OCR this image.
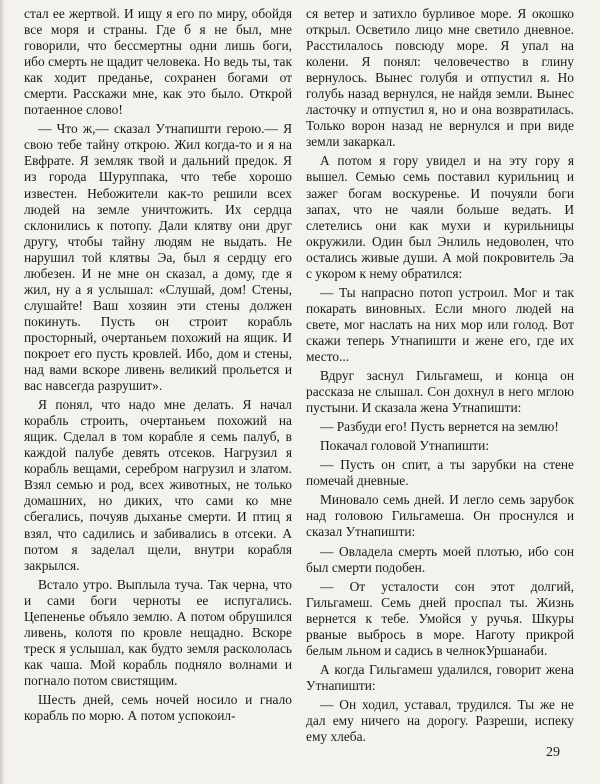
стал ее жертвой. И ищу я его по миру, обойдя все моря и страны. Где б я не был, мне говорили, что бессмертны одни лишь боги, ибо смерть не щадит человека. Но ведь ты, так как ходит преданье, сохранен богами от смерти. Расскажи мне, как это было. Открой потаенное слово!

— Что ж,— сказал Утнапишти герою.— Я свою тебе тайну открою. Жил когда-то и я на Евфрате. Я земляк твой и дальний предок. Я из города Шуруппака, что тебе хорошо известен. Небожители как-то решили всех людей на земле уничтожить. Их сердца склонились к потопу. Дали клятву они друг другу, чтобы тайну людям не выдать. Не нарушил той клятвы Эа, был я сердцу его любезен. И не мне он сказал, а дому, где я жил, ну а я услышал: «Слушай, дом! Стены, слушайте! Ваш хозяин эти стены должен покинуть. Пусть он строит корабль просторный, очертаньем похожий на ящик. И покроет его пусть кровлей. Ибо, дом и стены, над вами вскоре ливень великий прольется и вас навсегда разрушит».

Я понял, что надо мне делать. Я начал корабль строить, очертаньем похожий на ящик. Сделал в том корабле я семь палуб, в каждой палубе девять отсеков. Нагрузил я корабль вещами, серебром нагрузил и златом. Взял семью и род, всех животных, не только домашних, но диких, что сами ко мне сбегались, почуяв дыханье смерти. И птиц я взял, что садились и забивались в отсеки. А потом я заделал щели, внутри корабля закрылся.

Встало утро. Выплыла туча. Так черна, что и сами боги черноты ее испугались. Цепененье объяло землю. А потом обрушился ливень, колотя по кровле нещадно. Вскоре треск я услышал, как будто земля раскололась как чаша. Мой корабль подняло волнами и погнало потом свистящим.

Шесть дней, семь ночей носило и гнало корабль по морю. А потом успокоил-

ся ветер и затихло бурливое море. Я окошко открыл. Осветило лицо мне светило дневное. Расстилалось повсюду море. Я упал на колени. Я понял: человечество в глину вернулось. Вынес голубя и отпустил я. Но голубь назад вернулся, не найдя земли. Вынес ласточку и отпустил я, но и она возвратилась. Только ворон назад не вернулся и при виде земли закаркал.

А потом я гору увидел и на эту гору я вышел. Семью семь поставил курильниц и зажег богам воскуренье. И почуяли боги запах, что не чаяли больше ведать. И слетелись они как мухи и курильницы окружили. Один был Энлиль недоволен, что остались живые души. А мой покровитель Эа с укором к нему обратился:

— Ты напрасно потоп устроил. Мог и так покарать виновных. Если много людей на свете, мог наслать на них мор или голод. Вот скажи теперь Утнапишти и жене его, где их место...

Вдруг заснул Гильгамеш, и конца он рассказа не слышал. Сон дохнул в него мглою пустыни. И сказала жена Утнапишти:

— Разбуди его! Пусть вернется на землю!

Покачал головой Утнапишти:

— Пусть он спит, а ты зарубки на стене помечай дневные.

Миновало семь дней. И легло семь зарубок над головою Гильгамеша. Он проснулся и сказал Утнапишти:

— Овладела смерть моей плотью, ибо сон был смерти подобен.

— От усталости сон этот долгий, Гильгамеш. Семь дней проспал ты. Жизнь вернется к тебе. Умойся у ручья. Шкуры рваные выбрось в море. Наготу прикрой белым льном и садись в челнокУршанаби.

А когда Гильгамеш удалился, говорит жена Утнапишти:

— Он ходил, уставал, трудился. Ты же не дал ему ничего на дорогу. Разреши, испеку ему хлеба.

29
